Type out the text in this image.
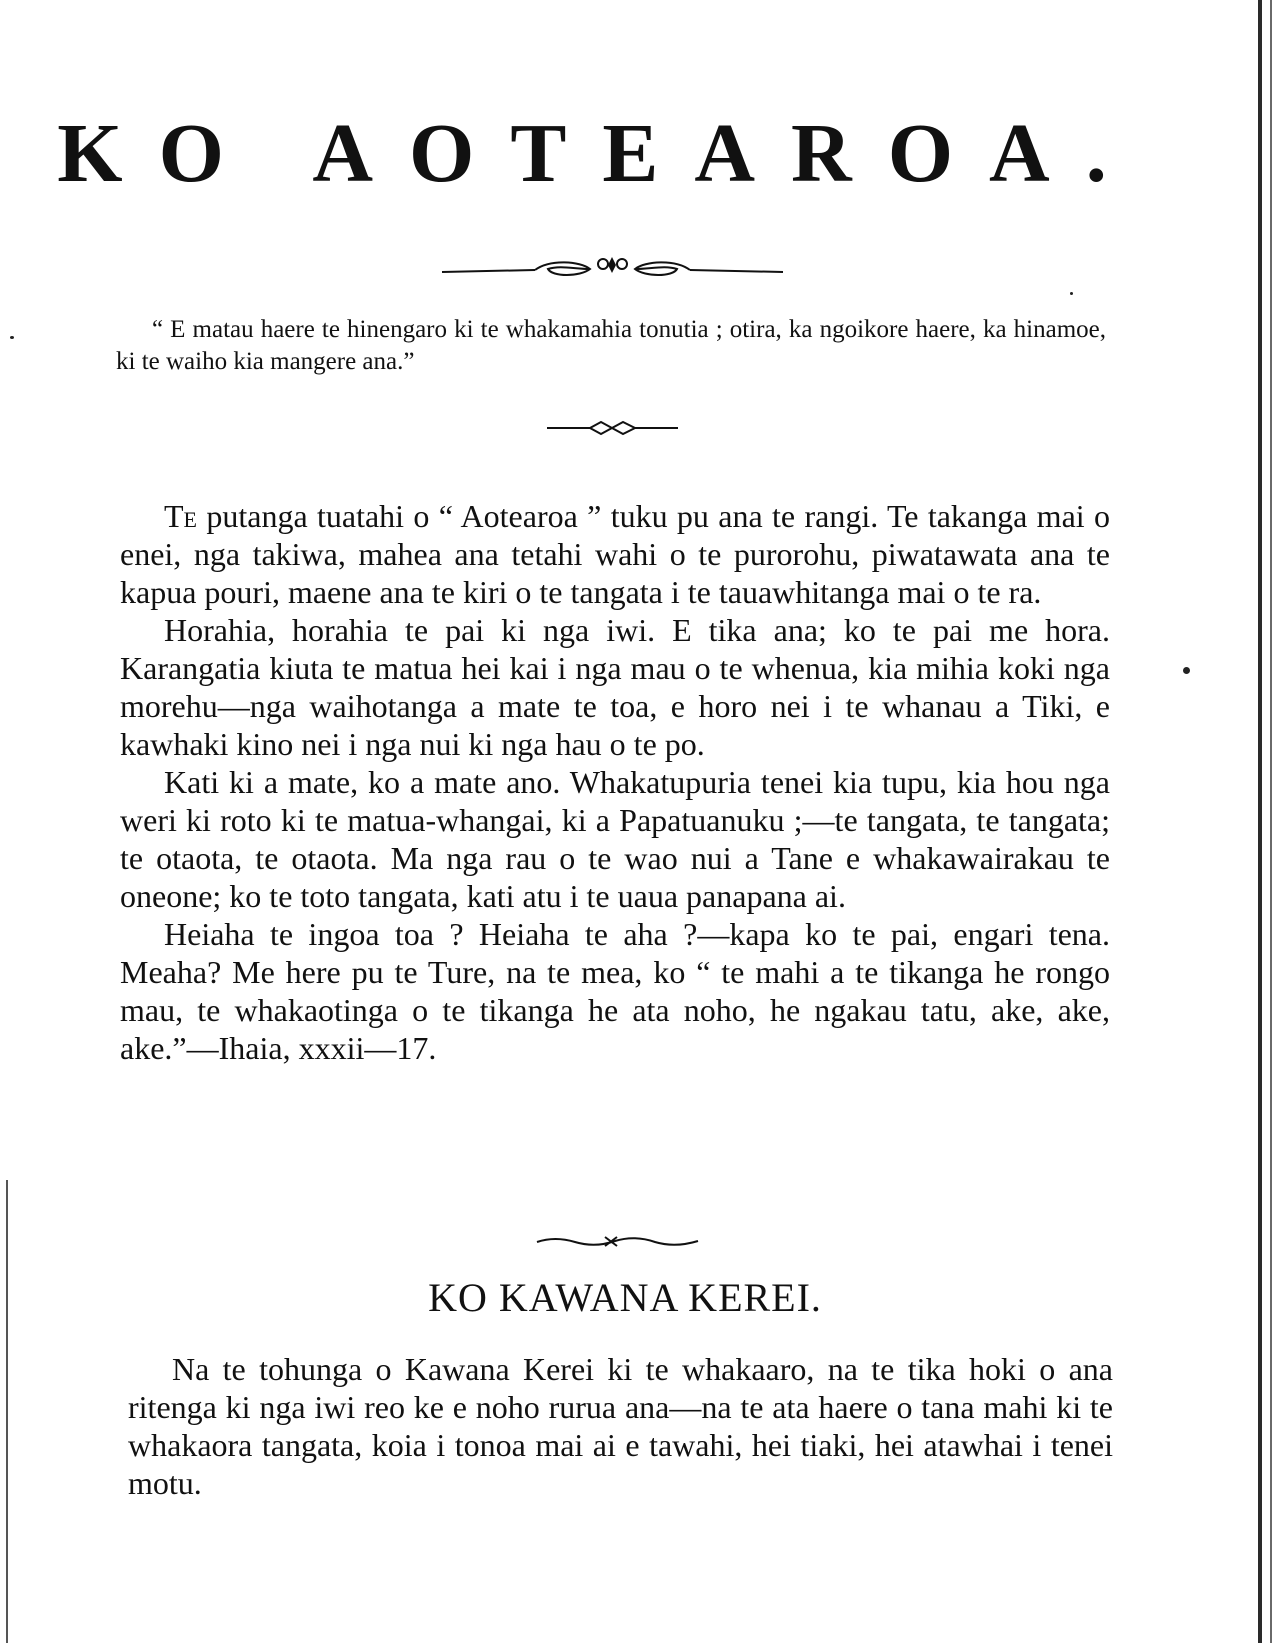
KO AOTEAROA.

“ E matau haere te hinengaro ki te whakamahia tonutia ; otira, ka ngoikore haere, ka hinamoe, ki te waiho kia mangere ana.”

Te putanga tuatahi o “ Aotearoa ” tuku pu ana te rangi. Te takanga mai o enei, nga takiwa, mahea ana tetahi wahi o te purorohu, piwatawata ana te kapua pouri, maene ana te kiri o te tangata i te tauawhitanga mai o te ra.

Horahia, horahia te pai ki nga iwi. E tika ana; ko te pai me hora. Karangatia kiuta te matua hei kai i nga mau o te whenua, kia mihia koki nga morehu—nga waihotanga a mate te toa, e horo nei i te whanau a Tiki, e kawhaki kino nei i nga nui ki nga hau o te po.

Kati ki a mate, ko a mate ano. Whakatupuria tenei kia tupu, kia hou nga weri ki roto ki te matua-whangai, ki a Papatuanuku ;—te tangata, te tangata; te otaota, te otaota. Ma nga rau o te wao nui a Tane e whakawairakau te oneone; ko te toto tangata, kati atu i te uaua panapana ai.

Heiaha te ingoa toa ? Heiaha te aha ?—kapa ko te pai, engari tena. Meaha? Me here pu te Ture, na te mea, ko “ te mahi a te tikanga he rongo mau, te whakaotinga o te tikanga he ata noho, he ngakau tatu, ake, ake, ake.”—Ihaia, xxxii—17.

KO KAWANA KEREI.

Na te tohunga o Kawana Kerei ki te whakaaro, na te tika hoki o ana ritenga ki nga iwi reo ke e noho rurua ana—na te ata haere o tana mahi ki te whakaora tangata, koia i tonoa mai ai e tawahi, hei tiaki, hei atawhai i tenei motu.
